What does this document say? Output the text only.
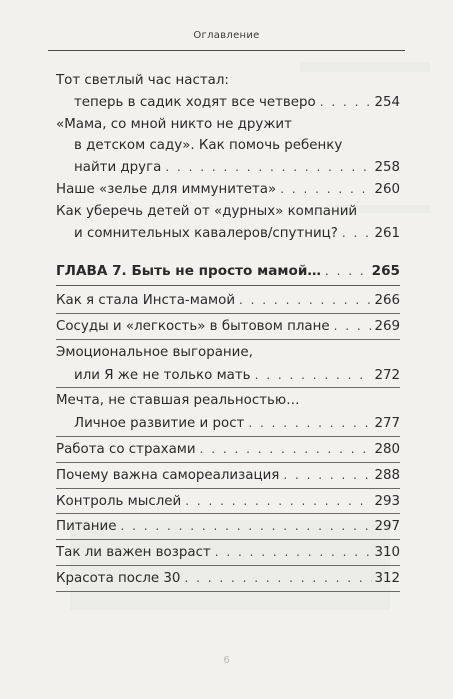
Оглавление
Тот светлый час настал:
теперь в садик ходят все четверо . . .	254
«Мама, со мной никто не дружит
в детском саду». Как помочь ребенку
найти друга . . .	258
Наше «зелье для иммунитета» . . .	260
Как уберечь детей от «дурных» компаний
и сомнительных кавалеров/спутниц? . . .	261
ГЛАВА 7. Быть не просто мамой… . . .	265
Как я стала Инста-мамой . . .	266
Сосуды и «легкость» в бытовом плане . . .	269
Эмоциональное выгорание,
или Я же не только мать . . .	272
Мечта, не ставшая реальностью…
Личное развитие и рост . . .	277
Работа со страхами . . .	280
Почему важна самореализация . . .	288
Контроль мыслей . . .	293
Питание . . .	297
Так ли важен возраст . . .	310
Красота после 30 . . .	312
6
